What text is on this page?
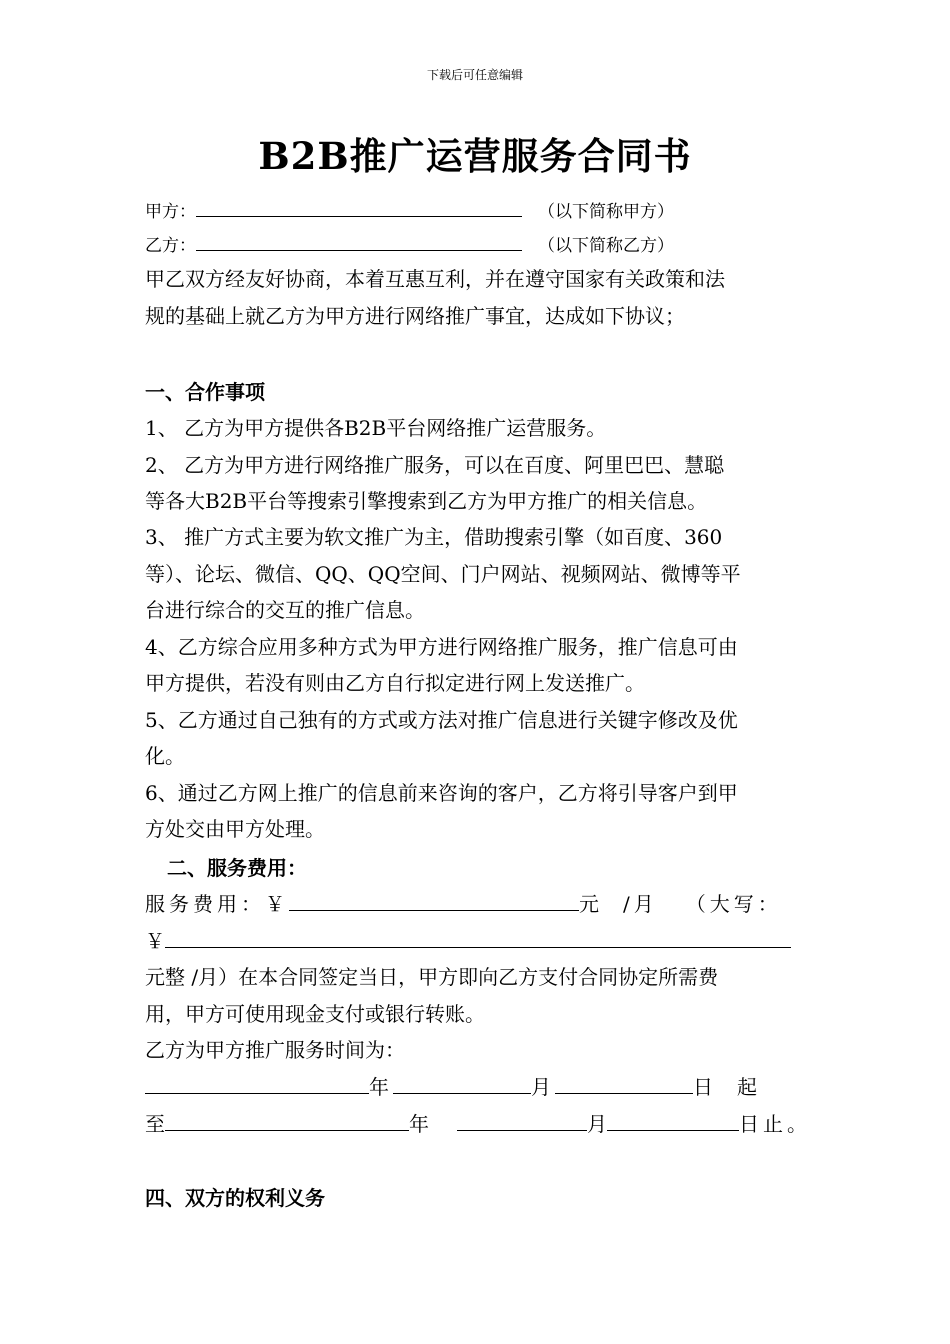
下载后可任意编辑
B2B推广运营服务合同书
甲方：	（以下简称甲方）
乙方：	（以下简称乙方）
甲乙双方经友好协商，本着互惠互利，并在遵守国家有关政策和法
规的基础上就乙方为甲方进行网络推广事宜，达成如下协议；
一、合作事项
1、 乙方为甲方提供各B2B平台网络推广运营服务。
2、 乙方为甲方进行网络推广服务，可以在百度、阿里巴巴、慧聪
等各大B2B平台等搜索引擎搜索到乙方为甲方推广的相关信息。
3、 推广方式主要为软文推广为主，借助搜索引擎（如百度、360
等）、论坛、微信、QQ、QQ空间、门户网站、视频网站、微博等平
台进行综合的交互的推广信息。
4、乙方综合应用多种方式为甲方进行网络推广服务，推广信息可由
甲方提供，若没有则由乙方自行拟定进行网上发送推广。
5、乙方通过自己独有的方式或方法对推广信息进行关键字修改及优
化。
6、通过乙方网上推广的信息前来咨询的客户，乙方将引导客户到甲
方处交由甲方处理。
二、服务费用：
服务费用：￥	元 /月 （大写：
￥
元整 /月）在本合同签定当日，甲方即向乙方支付合同协定所需费
用，甲方可使用现金支付或银行转账。
乙方为甲方推广服务时间为：
年	月	日 起
至	年	月	日止。
四、双方的权利义务
